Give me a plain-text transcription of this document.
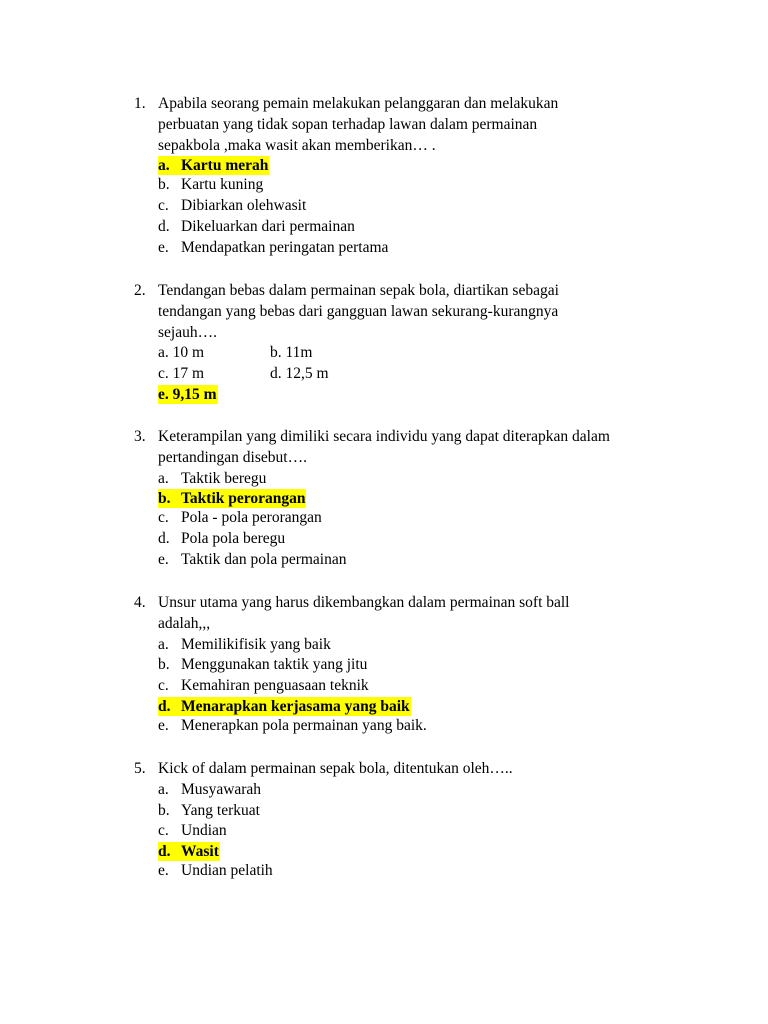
1. Apabila seorang pemain melakukan pelanggaran dan melakukan
perbuatan yang tidak sopan terhadap lawan dalam permainan
sepakbola ,maka wasit akan memberikan… .
a. Kartu merah
b. Kartu kuning
c. Dibiarkan olehwasit
d. Dikeluarkan dari permainan
e. Mendapatkan peringatan pertama
2. Tendangan bebas dalam permainan sepak bola, diartikan sebagai
tendangan yang bebas dari gangguan lawan sekurang-kurangnya
sejauh….
a. 10 m	b. 11m
c. 17 m	d. 12,5 m
e. 9,15 m
3. Keterampilan yang dimiliki secara individu yang dapat diterapkan dalam
pertandingan disebut….
a. Taktik beregu
b. Taktik perorangan
c. Pola - pola perorangan
d. Pola pola beregu
e. Taktik dan pola permainan
4. Unsur utama yang harus dikembangkan dalam permainan soft ball
adalah,,,
a. Memilikifisik yang baik
b. Menggunakan taktik yang jitu
c. Kemahiran penguasaan teknik
d. Menarapkan kerjasama yang baik
e. Menerapkan pola permainan yang baik.
5. Kick of dalam permainan sepak bola, ditentukan oleh…..
a. Musyawarah
b. Yang terkuat
c. Undian
d. Wasit
e. Undian pelatih
